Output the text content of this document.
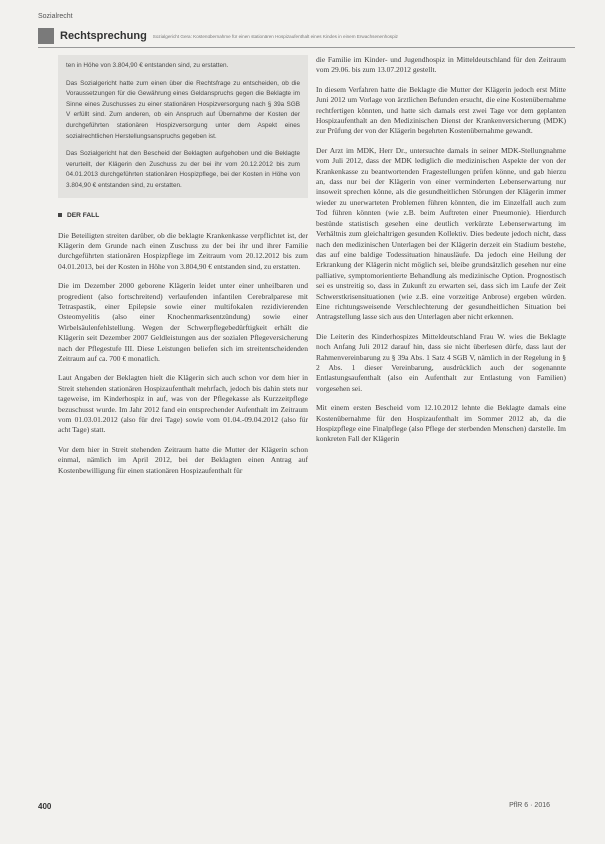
Sozialrecht
Rechtsprechung Sozialgericht Gera: Kostenübernahme für einen stationären Hospizaufenthalt eines Kindes in einem Erwachsenenhospiz

ten in Höhe von 3.804,90 € entstanden sind, zu erstatten.

Das Sozialgericht hatte zum einen über die Rechtsfrage zu entscheiden, ob die Voraussetzungen für die Gewährung eines Geldanspruchs gegen die Beklagte im Sinne eines Zuschusses zu einer stationären Hospizversorgung nach § 39a SGB V erfüllt sind. Zum anderen, ob ein Anspruch auf Übernahme der Kosten der durchgeführten stationären Hospizversorgung unter dem Aspekt eines sozialrechtlichen Herstellungsanspruchs gegeben ist.

Das Sozialgericht hat den Bescheid der Beklagten aufgehoben und die Beklagte verurteilt, der Klägerin den Zuschuss zu der bei ihr vom 20.12.2012 bis zum 04.01.2013 durchgeführten stationären Hospizpflege, bei der Kosten in Höhe von 3.804,90 € entstanden sind, zu erstatten.

DER FALL

Die Beteiligten streiten darüber, ob die beklagte Krankenkasse verpflichtet ist, der Klägerin dem Grunde nach einen Zuschuss zu der bei ihr und ihrer Familie durchgeführten stationären Hospizpflege im Zeitraum vom 20.12.2012 bis zum 04.01.2013, bei der Kosten in Höhe von 3.804,90 € entstanden sind, zu erstatten.

Die im Dezember 2000 geborene Klägerin leidet unter einer unheilbaren und progredient (also fortschreitend) verlaufenden infantilen Cerebralparese mit Tetraspastik, einer Epilepsie sowie einer multifokalen rezidivierenden Osteomyelitis (also einer Knochenmarksentzündung) sowie einer Wirbelsäulenfehlstellung. Wegen der Schwerpflegebedürftigkeit erhält die Klägerin seit Dezember 2007 Geldleistungen aus der sozialen Pflegeversicherung nach der Pflegestufe III. Diese Leistungen beliefen sich im streitentscheidenden Zeitraum auf ca. 700 € monatlich.

Laut Angaben der Beklagten hielt die Klägerin sich auch schon vor dem hier in Streit stehenden stationären Hospizaufenthalt mehrfach, jedoch bis dahin stets nur tageweise, im Kinderhospiz in auf, was von der Pflegekasse als Kurzzeitpflege bezuschusst wurde. Im Jahr 2012 fand ein entsprechender Aufenthalt im Zeitraum vom 01.03.01.2012 (also für drei Tage) sowie vom 01.04.-09.04.2012 (also für acht Tage) statt.

Vor dem hier in Streit stehenden Zeitraum hatte die Mutter der Klägerin schon einmal, nämlich im April 2012, bei der Beklagten einen Antrag auf Kostenbewilligung für einen stationären Hospizaufenthalt für

die Familie im Kinder- und Jugendhospiz in Mitteldeutschland für den Zeitraum vom 29.06. bis zum 13.07.2012 gestellt.

In diesem Verfahren hatte die Beklagte die Mutter der Klägerin jedoch erst Mitte Juni 2012 um Vorlage von ärztlichen Befunden ersucht, die eine Kostenübernahme rechtfertigen könnten, und hatte sich damals erst zwei Tage vor dem geplanten Hospizaufenthalt an den Medizinischen Dienst der Krankenversicherung (MDK) zur Prüfung der von der Klägerin begehrten Kostenübernahme gewandt.

Der Arzt im MDK, Herr Dr., untersuchte damals in seiner MDK-Stellungnahme vom Juli 2012, dass der MDK lediglich die medizinischen Aspekte der von der Krankenkasse zu beantwortenden Fragestellungen prüfen könne, und gab hierzu an, dass nur bei der Klägerin von einer verminderten Lebenserwartung nur insoweit sprechen könne, als die gesundheitlichen Störungen der Klägerin immer wieder zu unerwarteten Problemen führen könnten, die im Einzelfall auch zum Tod führen könnten (wie z.B. beim Auftreten einer Pneumonie). Hierdurch bestünde statistisch gesehen eine deutlich verkürzte Lebenserwartung im Verhältnis zum gleichaltrigen gesunden Kollektiv. Dies bedeute jedoch nicht, dass nach den medizinischen Unterlagen bei der Klägerin derzeit ein Stadium bestehe, das auf eine baldige Todessituation hinausläufe. Da jedoch eine Heilung der Erkrankung der Klägerin nicht möglich sei, bleibe grundsätzlich gesehen nur eine palliative, symptomorientierte Behandlung als medizinische Option. Prognostisch sei es unstreitig so, dass in Zukunft zu erwarten sei, dass sich im Laufe der Zeit Schwerstkrisensituationen (wie z.B. eine vorzeitige Anbrose) ergeben würden. Eine richtungsweisende Verschlechterung der gesundheitlichen Situation bei Antragstellung lasse sich aus den Unterlagen aber nicht erkennen.

Die Leiterin des Kinderhospizes Mitteldeutschland Frau W. wies die Beklagte noch Anfang Juli 2012 darauf hin, dass sie nicht überlesen dürfe, dass laut der Rahmenvereinbarung zu § 39a Abs. 1 Satz 4 SGB V, nämlich in der Regelung in § 2 Abs. 1 dieser Vereinbarung, ausdrücklich auch der sogenannte Entlastungsaufenthalt (also ein Aufenthalt zur Entlastung von Familien) vorgesehen sei.

Mit einem ersten Bescheid vom 12.10.2012 lehnte die Beklagte damals eine Kostenübernahme für den Hospizaufenthalt im Sommer 2012 ab, da die Hospizpflege eine Finalpflege (also Pflege der sterbenden Menschen) darstelle. Im konkreten Fall der Klägerin

400	PflR 6 · 2016
